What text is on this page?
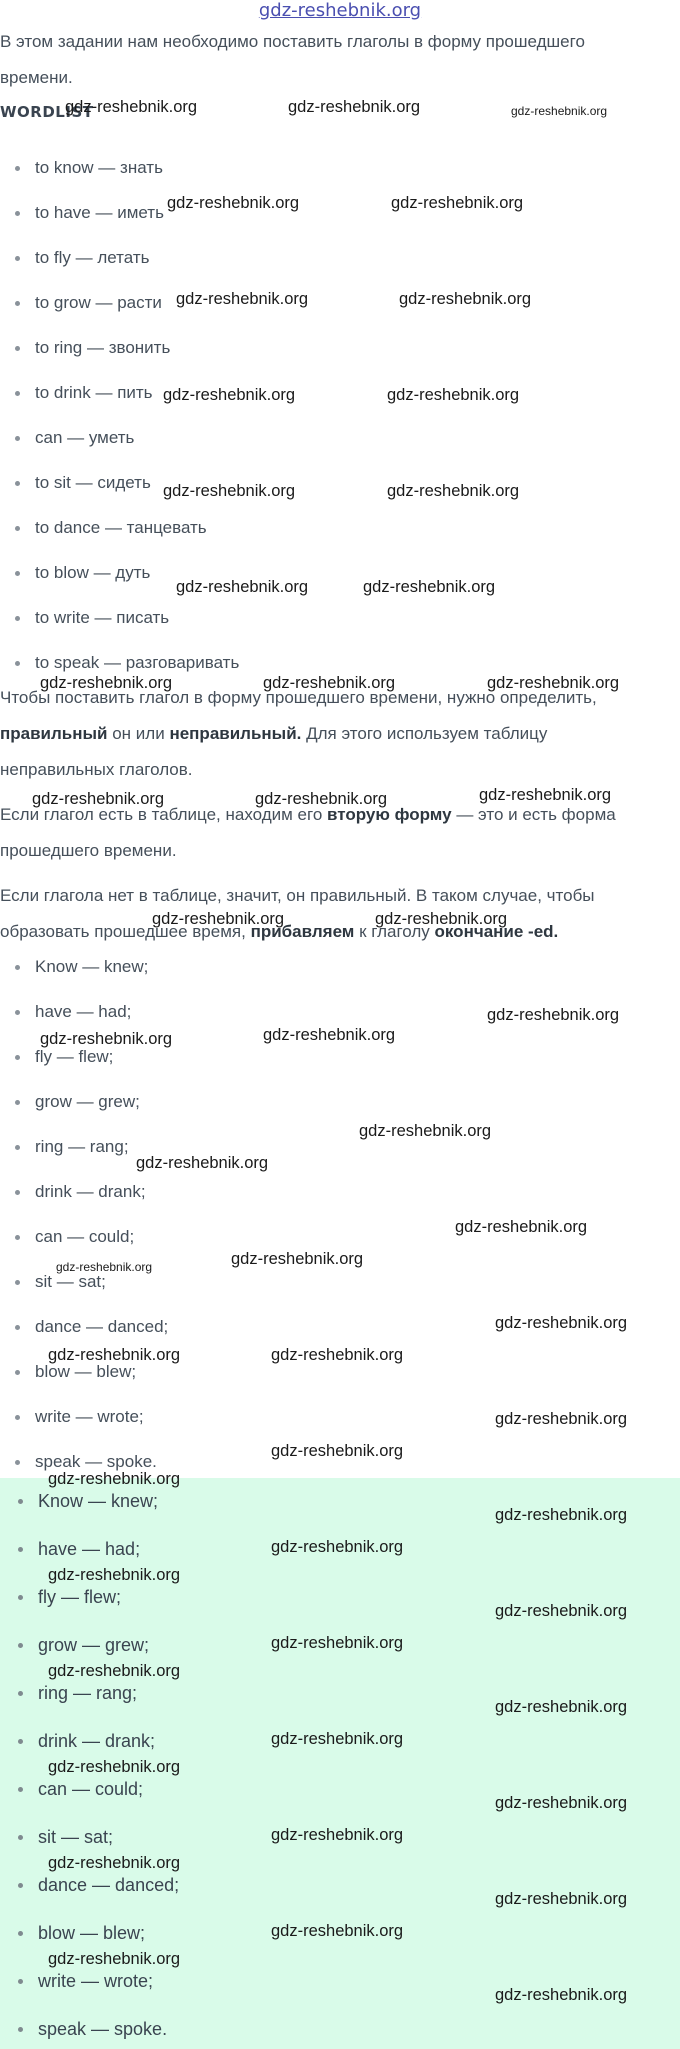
gdz-reshebnik.org
В этом задании нам необходимо поставить глаголы в форму прошедшего времени.
WORDLIST
to know — знать
to have — иметь
to fly — летать
to grow — расти
to ring — звонить
to drink — пить
can — уметь
to sit — сидеть
to dance — танцевать
to blow — дуть
to write — писать
to speak — разговаривать
Чтобы поставить глагол в форму прошедшего времени, нужно определить,
правильный он или неправильный. Для этого используем таблицу
неправильных глаголов.
Если глагол есть в таблице, находим его вторую форму — это и есть форма
прошедшего времени.
Если глагола нет в таблице, значит, он правильный. В таком случае, чтобы
образовать прошедшее время, прибавляем к глаголу окончание -ed.
Know — knew;
have — had;
fly — flew;
grow — grew;
ring — rang;
drink — drank;
can — could;
sit — sat;
dance — danced;
blow — blew;
write — wrote;
speak — spoke.
Know — knew;
have — had;
fly — flew;
grow — grew;
ring — rang;
drink — drank;
can — could;
sit — sat;
dance — danced;
blow — blew;
write — wrote;
speak — spoke.
gdz-reshebnik.org	gdz-reshebnik.org	gdz-reshebnik.org
gdz-reshebnik.org	gdz-reshebnik.org
gdz-reshebnik.org	gdz-reshebnik.org
gdz-reshebnik.org	gdz-reshebnik.org
gdz-reshebnik.org	gdz-reshebnik.org
gdz-reshebnik.org	gdz-reshebnik.org
gdz-reshebnik.org	gdz-reshebnik.org	gdz-reshebnik.org
gdz-reshebnik.org	gdz-reshebnik.org	gdz-reshebnik.org
gdz-reshebnik.org	gdz-reshebnik.org
gdz-reshebnik.org
gdz-reshebnik.org	gdz-reshebnik.org
gdz-reshebnik.org
gdz-reshebnik.org
gdz-reshebnik.org
gdz-reshebnik.org	gdz-reshebnik.org
gdz-reshebnik.org
gdz-reshebnik.org	gdz-reshebnik.org
gdz-reshebnik.org
gdz-reshebnik.org
gdz-reshebnik.org
gdz-reshebnik.org
gdz-reshebnik.org
gdz-reshebnik.org
gdz-reshebnik.org
gdz-reshebnik.org
gdz-reshebnik.org
gdz-reshebnik.org
gdz-reshebnik.org
gdz-reshebnik.org
gdz-reshebnik.org
gdz-reshebnik.org
gdz-reshebnik.org
gdz-reshebnik.org
gdz-reshebnik.org
gdz-reshebnik.org
gdz-reshebnik.org
